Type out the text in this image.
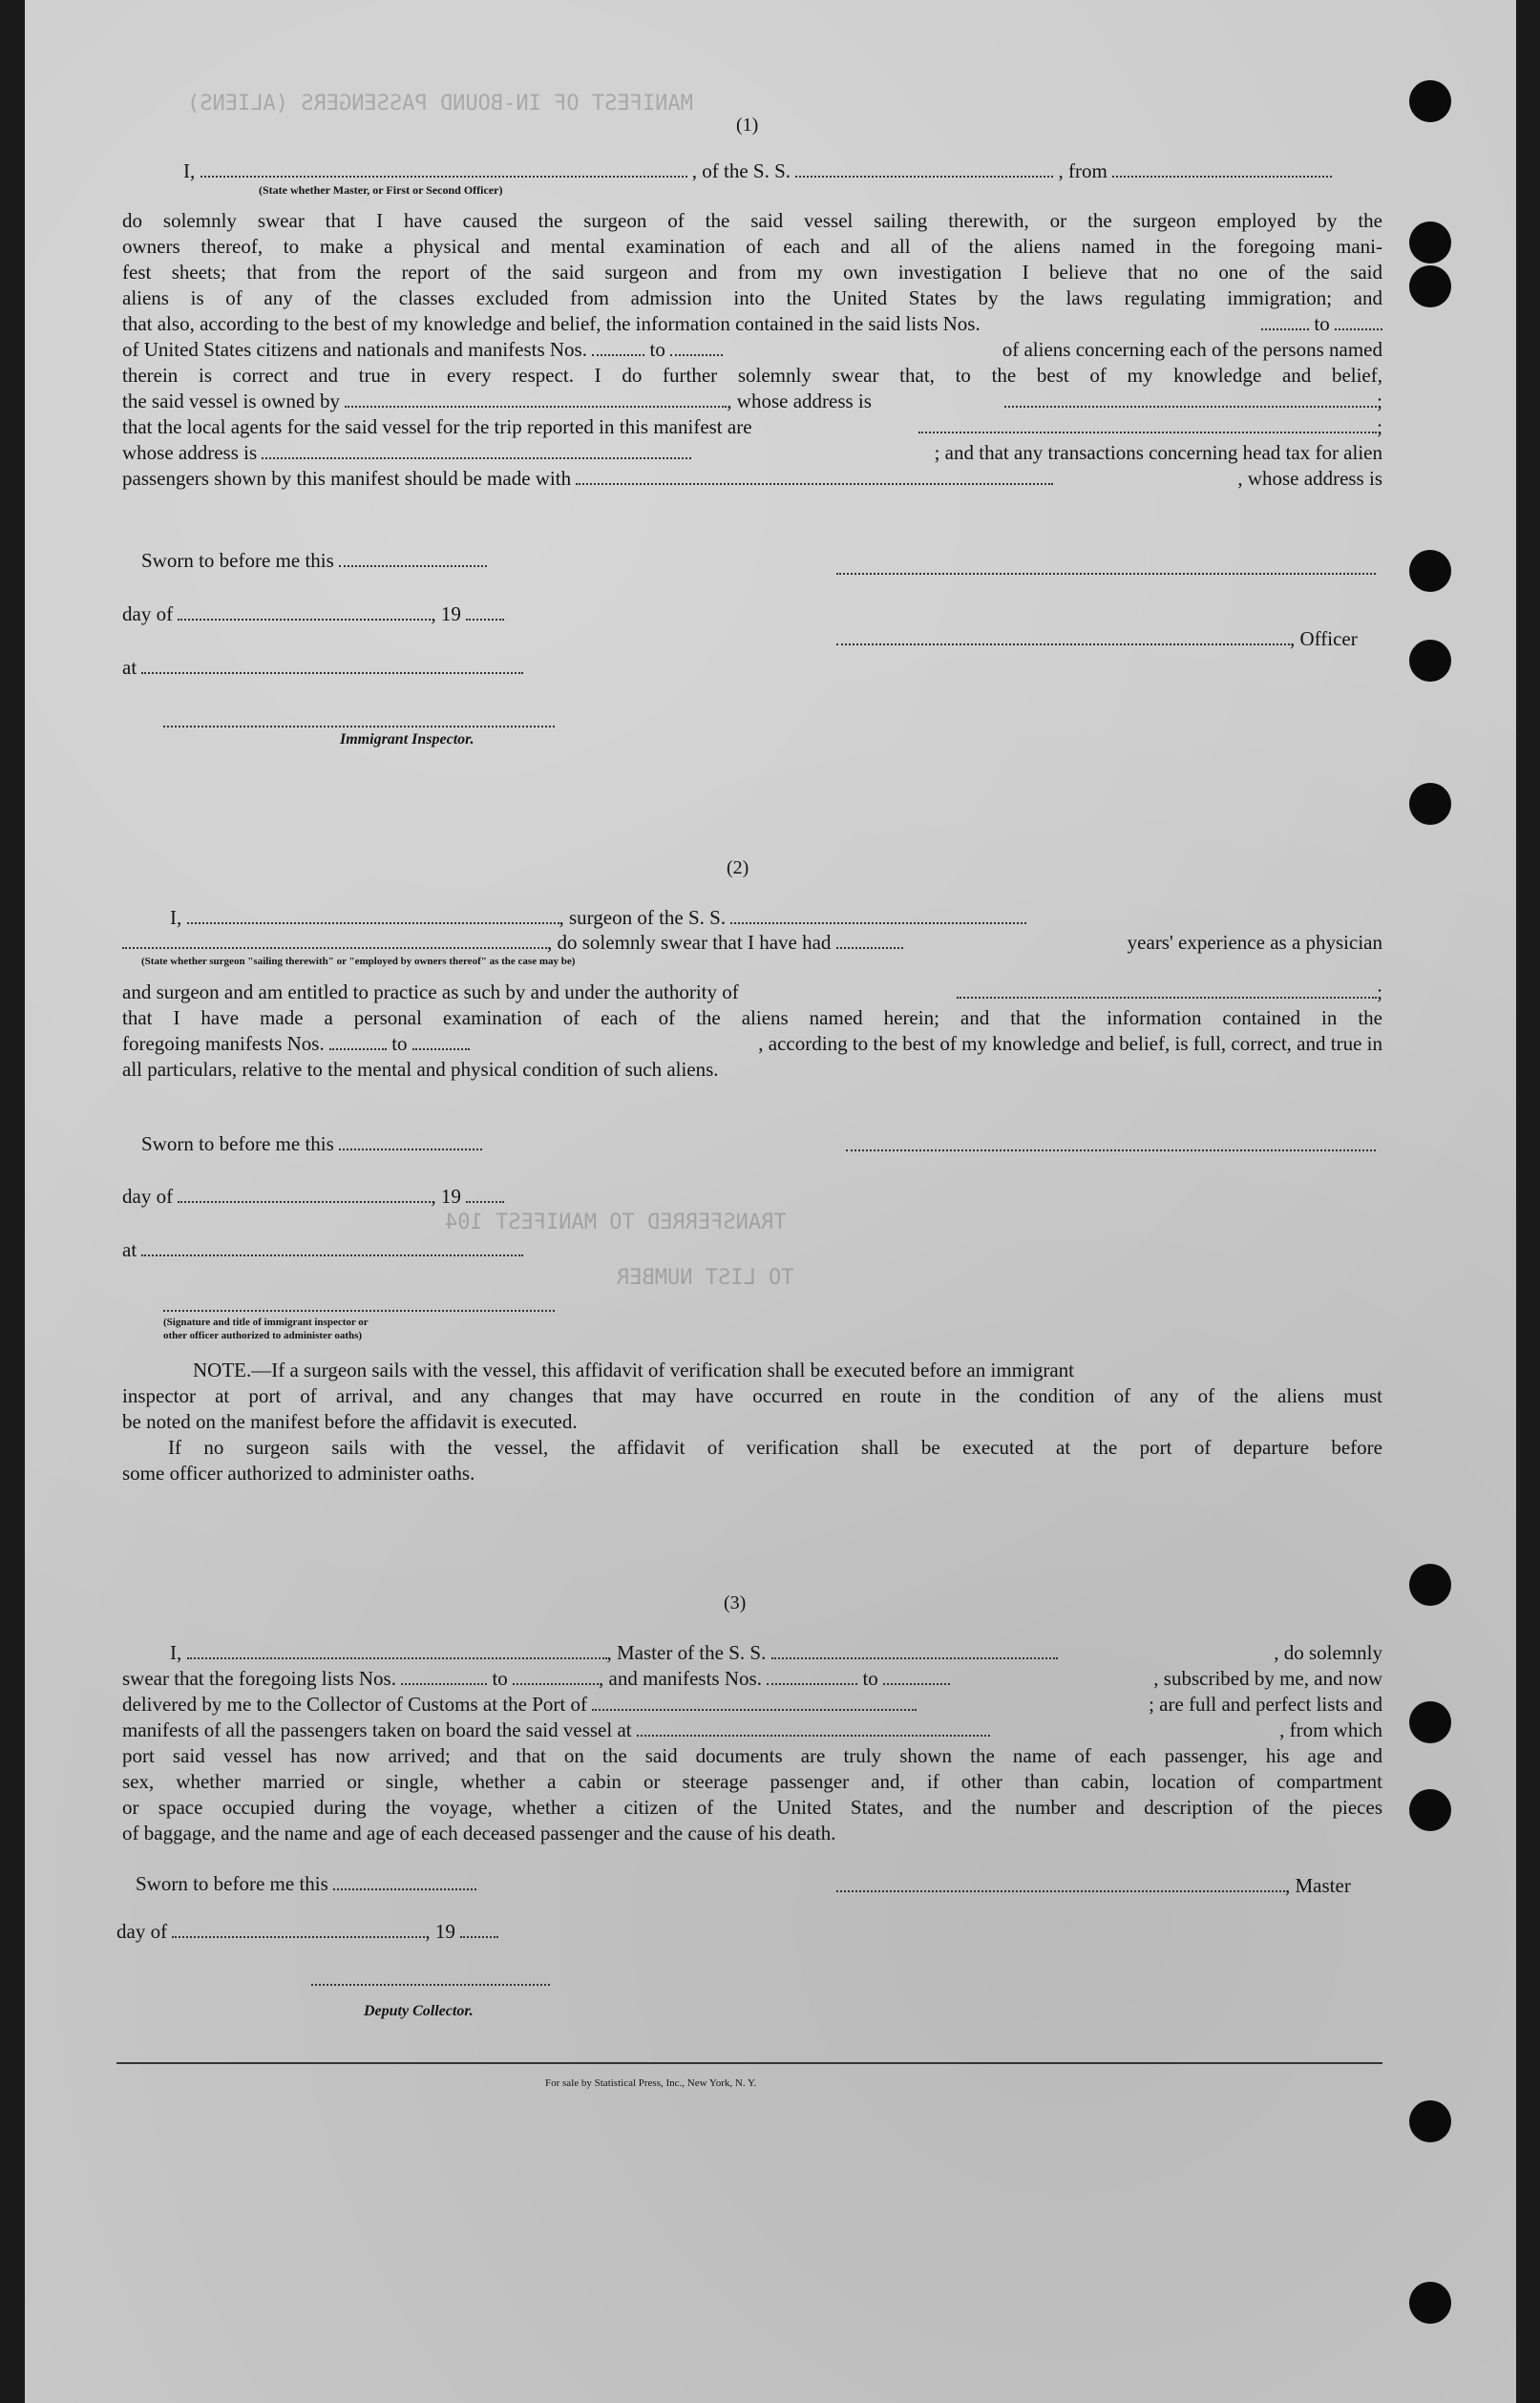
MANIFEST OF IN-BOUND PASSENGERS (ALIENS)
TRANSFERRED TO MANIFEST 104
TO LIST NUMBER
(1)
I,	, of the S. S.	, from
(State whether Master, or First or Second Officer)
do solemnly swear that I have caused the surgeon of the said vessel sailing therewith, or the surgeon employed by the
owners thereof, to make a physical and mental examination of each and all of the aliens named in the foregoing mani-
fest sheets; that from the report of the said surgeon and from my own investigation I believe that no one of the said
aliens is of any of the classes excluded from admission into the United States by the laws regulating immigration; and
that also, according to the best of my knowledge and belief, the information contained in the said lists Nos.	to
of United States citizens and nationals and manifests Nos.	to	of aliens concerning each of the persons named
therein is correct and true in every respect. I do further solemnly swear that, to the best of my knowledge and belief,
the said vessel is owned by	, whose address is	;
that the local agents for the said vessel for the trip reported in this manifest are	;
whose address is	; and that any transactions concerning head tax for alien
passengers shown by this manifest should be made with	, whose address is
Sworn to before me this
day of	, 19
at
Immigrant Inspector.
, Officer
(2)
I,	, surgeon of the S. S.
, do solemnly swear that I have had	years' experience as a physician
(State whether surgeon "sailing therewith" or "employed by owners thereof" as the case may be)
and surgeon and am entitled to practice as such by and under the authority of	;
that I have made a personal examination of each of the aliens named herein; and that the information contained in the
foregoing manifests Nos.	to	, according to the best of my knowledge and belief, is full, correct, and true in
all particulars, relative to the mental and physical condition of such aliens.
Sworn to before me this
day of	, 19
at
(Signature and title of immigrant inspector or
other officer authorized to administer oaths)
NOTE.—If a surgeon sails with the vessel, this affidavit of verification shall be executed before an immigrant
inspector at port of arrival, and any changes that may have occurred en route in the condition of any of the aliens must
be noted on the manifest before the affidavit is executed.
If no surgeon sails with the vessel, the affidavit of verification shall be executed at the port of departure before
some officer authorized to administer oaths.
(3)
I,	, Master of the S. S.	, do solemnly
swear that the foregoing lists Nos.	to	, and manifests Nos.	to	, subscribed by me, and now
delivered by me to the Collector of Customs at the Port of	; are full and perfect lists and
manifests of all the passengers taken on board the said vessel at	, from which
port said vessel has now arrived; and that on the said documents are truly shown the name of each passenger, his age and
sex, whether married or single, whether a cabin or steerage passenger and, if other than cabin, location of compartment
or space occupied during the voyage, whether a citizen of the United States, and the number and description of the pieces
of baggage, and the name and age of each deceased passenger and the cause of his death.
Sworn to before me this	, Master
day of	, 19
Deputy Collector.
For sale by Statistical Press, Inc., New York, N. Y.
